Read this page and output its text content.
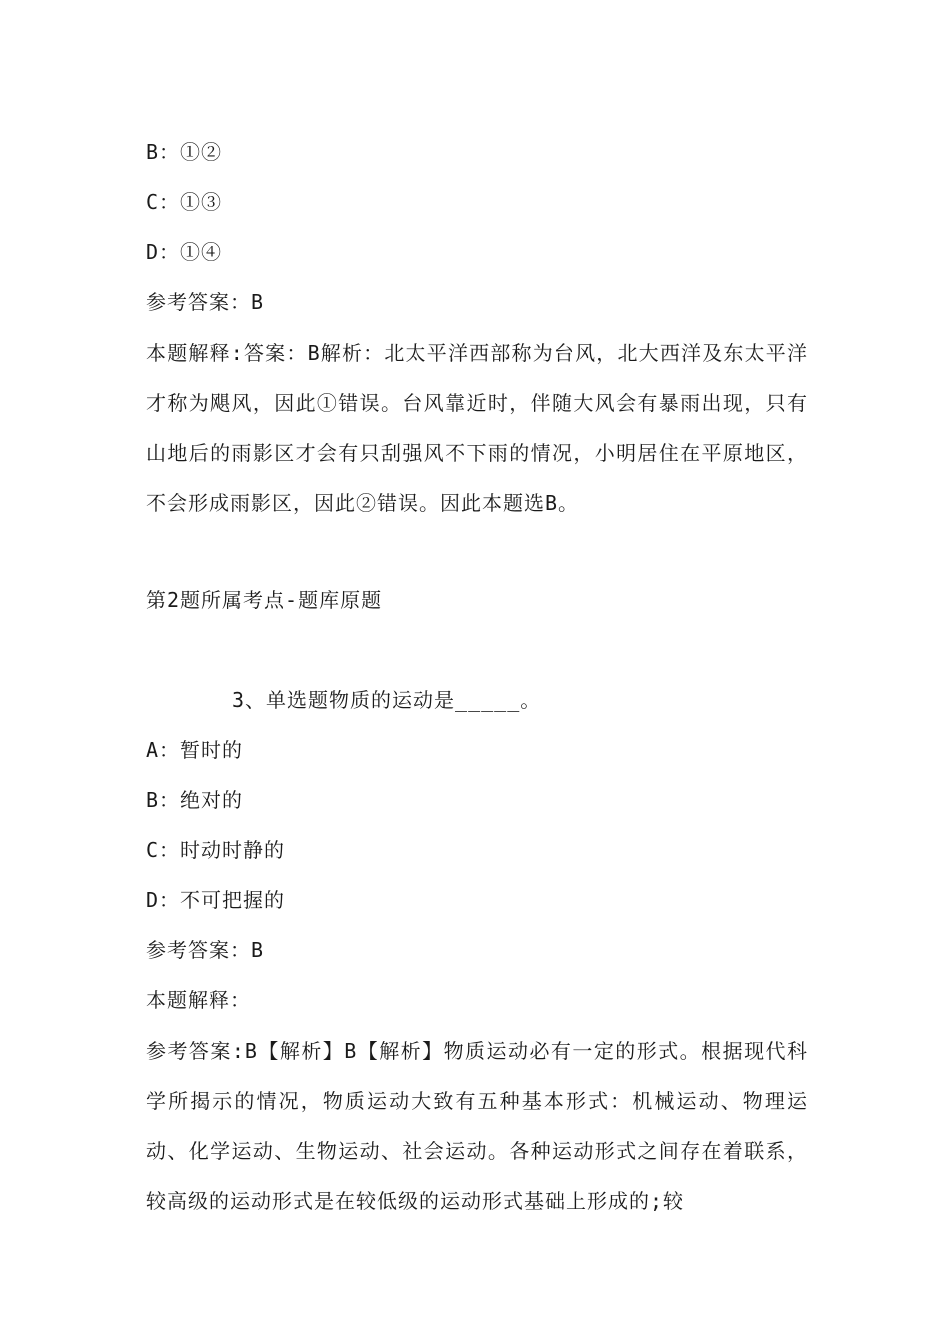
B：①②
C：①③
D：①④
参考答案：B
本题解释:答案：B解析：北太平洋西部称为台风，北大西洋及东太平洋才称为飓风，因此①错误。台风靠近时，伴随大风会有暴雨出现，只有山地后的雨影区才会有只刮强风不下雨的情况，小明居住在平原地区，不会形成雨影区，因此②错误。因此本题选B。
第2题所属考点-题库原题
3、单选题物质的运动是_____。
A：暂时的
B：绝对的
C：时动时静的
D：不可把握的
参考答案：B
本题解释：
参考答案:B【解析】B【解析】物质运动必有一定的形式。根据现代科学所揭示的情况，物质运动大致有五种基本形式：机械运动、物理运动、化学运动、生物运动、社会运动。各种运动形式之间存在着联系，较高级的运动形式是在较低级的运动形式基础上形成的;较
